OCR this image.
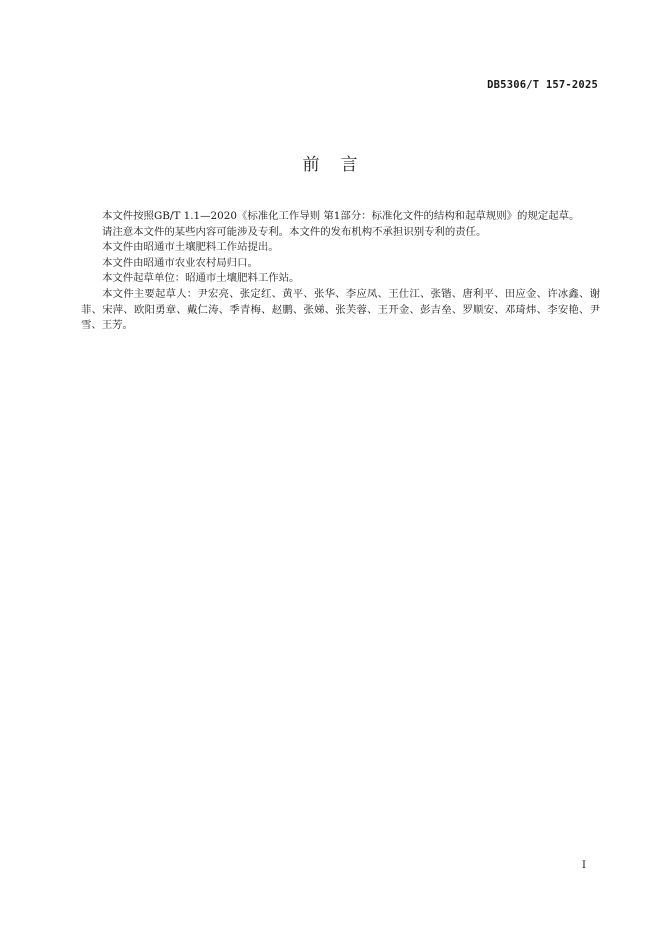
DB5306/T 157-2025
前　言

本文件按照GB/T 1.1—2020《标准化工作导则 第1部分：标准化文件的结构和起草规则》的规定起草。

请注意本文件的某些内容可能涉及专利。本文件的发布机构不承担识别专利的责任。

本文件由昭通市土壤肥料工作站提出。

本文件由昭通市农业农村局归口。

本文件起草单位：昭通市土壤肥料工作站。

本文件主要起草人：尹宏亮、张定红、黄平、张华、李应凤、王仕江、张锴、唐利平、田应金、许冰鑫、谢菲、宋萍、欧阳勇章、戴仁涛、季青梅、赵鹏、张娣、张芙蓉、王开金、彭吉垒、罗顺安、邓琦炜、李安艳、尹雪、王芳。

I
